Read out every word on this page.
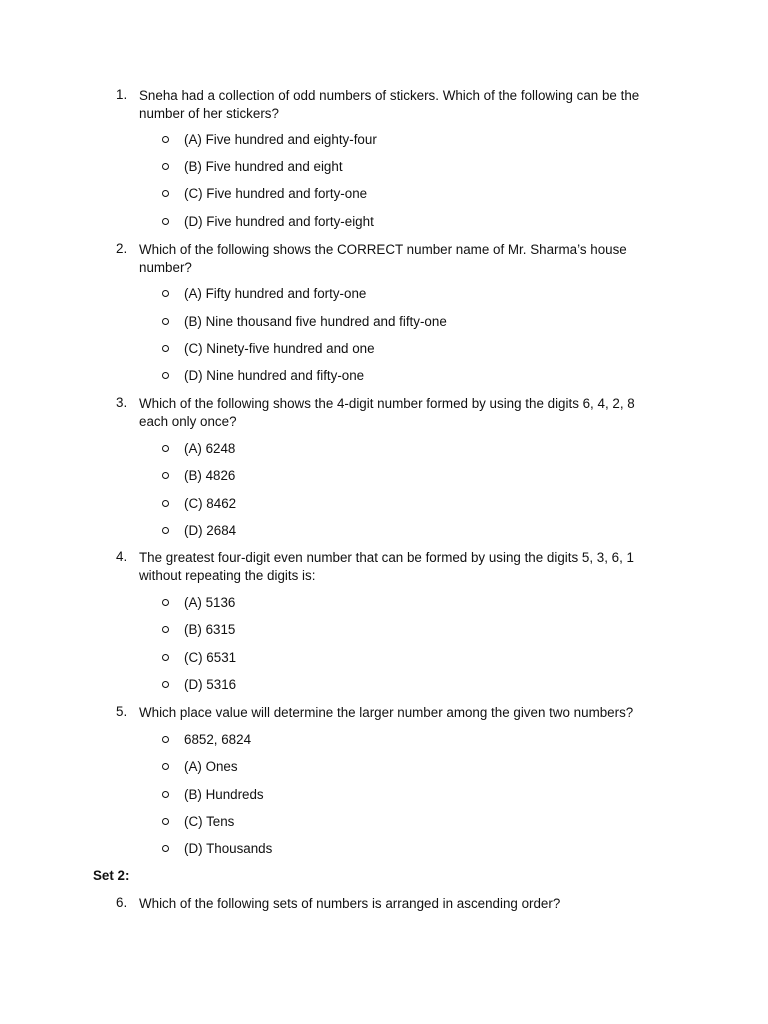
1. Sneha had a collection of odd numbers of stickers. Which of the following can be the number of her stickers?
(A) Five hundred and eighty-four
(B) Five hundred and eight
(C) Five hundred and forty-one
(D) Five hundred and forty-eight
2. Which of the following shows the CORRECT number name of Mr. Sharma’s house number?
(A) Fifty hundred and forty-one
(B) Nine thousand five hundred and fifty-one
(C) Ninety-five hundred and one
(D) Nine hundred and fifty-one
3. Which of the following shows the 4-digit number formed by using the digits 6, 4, 2, 8 each only once?
(A) 6248
(B) 4826
(C) 8462
(D) 2684
4. The greatest four-digit even number that can be formed by using the digits 5, 3, 6, 1 without repeating the digits is:
(A) 5136
(B) 6315
(C) 6531
(D) 5316
5. Which place value will determine the larger number among the given two numbers?
6852, 6824
(A) Ones
(B) Hundreds
(C) Tens
(D) Thousands
Set 2:
6. Which of the following sets of numbers is arranged in ascending order?
